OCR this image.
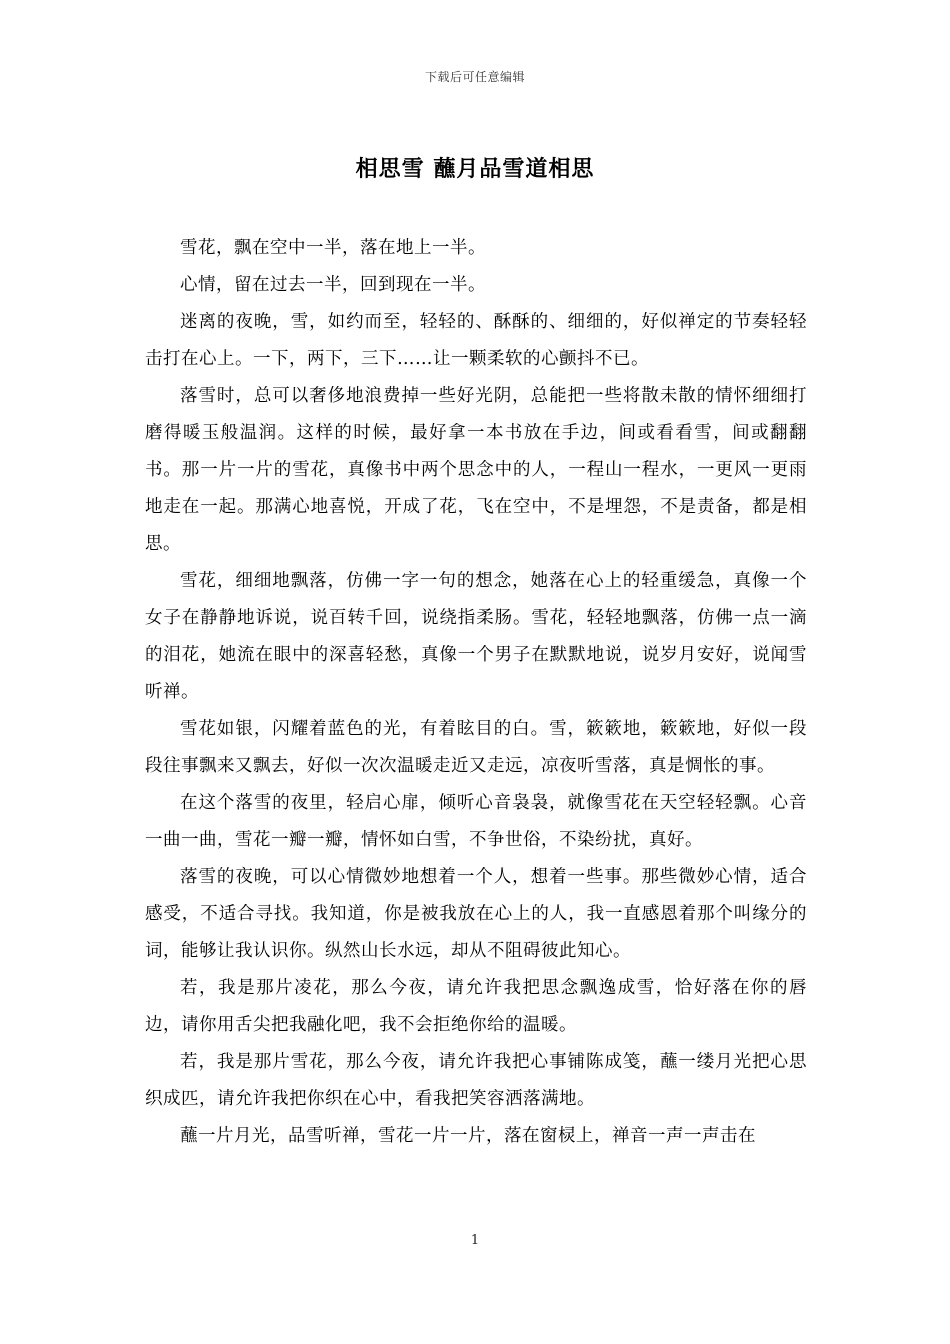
下载后可任意编辑
相思雪 蘸月品雪道相思

雪花，飘在空中一半，落在地上一半。

心情，留在过去一半，回到现在一半。

迷离的夜晚，雪，如约而至，轻轻的、酥酥的、细细的，好似禅定的节奏轻轻击打在心上。一下，两下，三下……让一颗柔软的心颤抖不已。

落雪时，总可以奢侈地浪费掉一些好光阴，总能把一些将散未散的情怀细细打磨得暖玉般温润。这样的时候，最好拿一本书放在手边，间或看看雪，间或翻翻书。那一片一片的雪花，真像书中两个思念中的人，一程山一程水，一更风一更雨地走在一起。那满心地喜悦，开成了花，飞在空中，不是埋怨，不是责备，都是相思。

雪花，细细地飘落，仿佛一字一句的想念，她落在心上的轻重缓急，真像一个女子在静静地诉说，说百转千回，说绕指柔肠。雪花，轻轻地飘落，仿佛一点一滴的泪花，她流在眼中的深喜轻愁，真像一个男子在默默地说，说岁月安好，说闻雪听禅。

雪花如银，闪耀着蓝色的光，有着眩目的白。雪，簌簌地，簌簌地，好似一段段往事飘来又飘去，好似一次次温暖走近又走远，凉夜听雪落，真是惆怅的事。

在这个落雪的夜里，轻启心扉，倾听心音袅袅，就像雪花在天空轻轻飘。心音一曲一曲，雪花一瓣一瓣，情怀如白雪，不争世俗，不染纷扰，真好。

落雪的夜晚，可以心情微妙地想着一个人，想着一些事。那些微妙心情，适合感受，不适合寻找。我知道，你是被我放在心上的人，我一直感恩着那个叫缘分的词，能够让我认识你。纵然山长水远，却从不阻碍彼此知心。

若，我是那片凌花，那么今夜，请允许我把思念飘逸成雪，恰好落在你的唇边，请你用舌尖把我融化吧，我不会拒绝你给的温暖。

若，我是那片雪花，那么今夜，请允许我把心事铺陈成笺，蘸一缕月光把心思织成匹，请允许我把你织在心中，看我把笑容洒落满地。

蘸一片月光，品雪听禅，雪花一片一片，落在窗棂上，禅音一声一声击在

1
